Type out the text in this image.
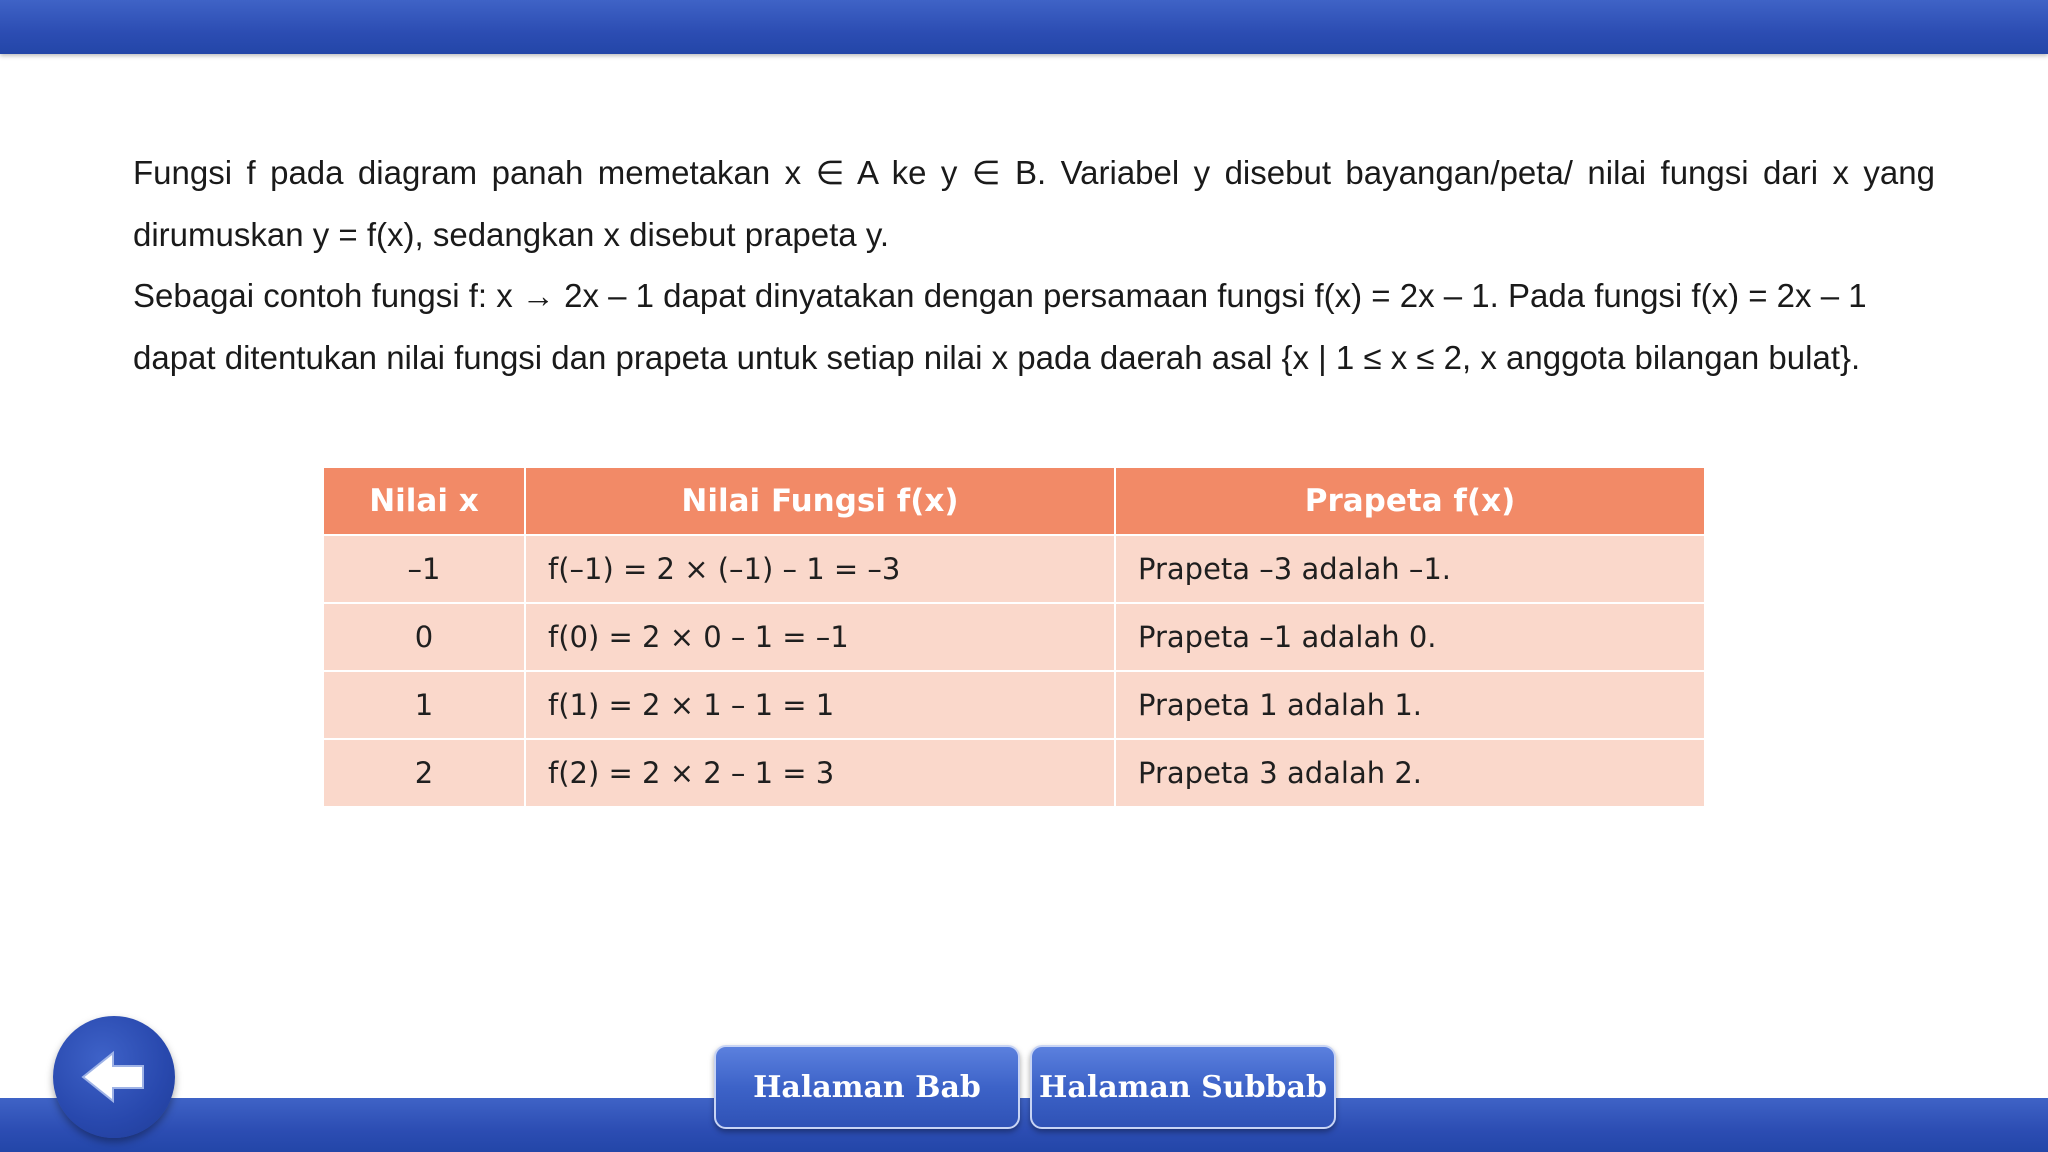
Fungsi f pada diagram panah memetakan x ∈ A ke y ∈ B. Variabel y disebut bayangan/peta/ nilai fungsi dari x yang dirumuskan y = f(x), sedangkan x disebut prapeta y.

Sebagai contoh fungsi f: x → 2x – 1 dapat dinyatakan dengan persamaan fungsi f(x) = 2x – 1. Pada fungsi f(x) = 2x – 1 dapat ditentukan nilai fungsi dan prapeta untuk setiap nilai x pada daerah asal {x | 1 ≤ x ≤ 2, x anggota bilangan bulat}.

Nilai x	Nilai Fungsi f(x)	Prapeta f(x)
–1	f(–1) = 2 × (–1) – 1 = –3	Prapeta –3 adalah –1.
0	f(0) = 2 × 0 – 1 = –1	Prapeta –1 adalah 0.
1	f(1) = 2 × 1 – 1 = 1	Prapeta 1 adalah 1.
2	f(2) = 2 × 2 – 1 = 3	Prapeta 3 adalah 2.
Halaman Bab	Halaman Subbab
